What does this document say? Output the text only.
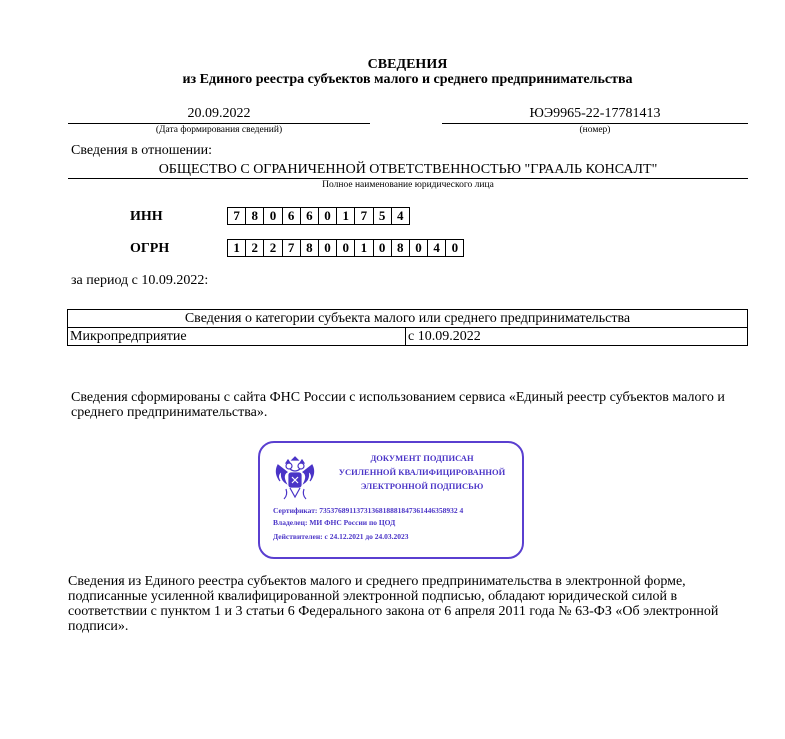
СВЕДЕНИЯ
из Единого реестра субъектов малого и среднего предпринимательства
20.09.2022
(Дата формирования сведений)
ЮЭ9965-22-17781413
(номер)
Сведения в отношении:
ОБЩЕСТВО С ОГРАНИЧЕННОЙ ОТВЕТСТВЕННОСТЬЮ "ГРААЛЬ КОНСАЛТ"
Полное наименование юридического лица
ИНН	7 8 0 6 6 0 1 7 5 4
ОГРН	1 2 2 7 8 0 0 1 0 8 0 4 0
за период с 10.09.2022:
Сведения о категории субъекта малого или среднего предпринимательства
Микропредприятие	с 10.09.2022
Сведения сформированы с сайта ФНС России с использованием сервиса «Единый реестр субъектов малого и среднего предпринимательства».
ДОКУМЕНТ ПОДПИСАН
УСИЛЕННОЙ КВАЛИФИЦИРОВАННОЙ
ЭЛЕКТРОННОЙ ПОДПИСЬЮ
Сертификат: 7353768911373136818881847361446358932 4
Владелец: МИ ФНС России по ЦОД
Действителен: с 24.12.2021 до 24.03.2023
Сведения из Единого реестра субъектов малого и среднего предпринимательства в электронной форме, подписанные усиленной квалифицированной электронной подписью, обладают юридической силой в соответствии с пунктом 1 и 3 статьи 6 Федерального закона от 6 апреля 2011 года № 63-ФЗ «Об электронной подписи».
